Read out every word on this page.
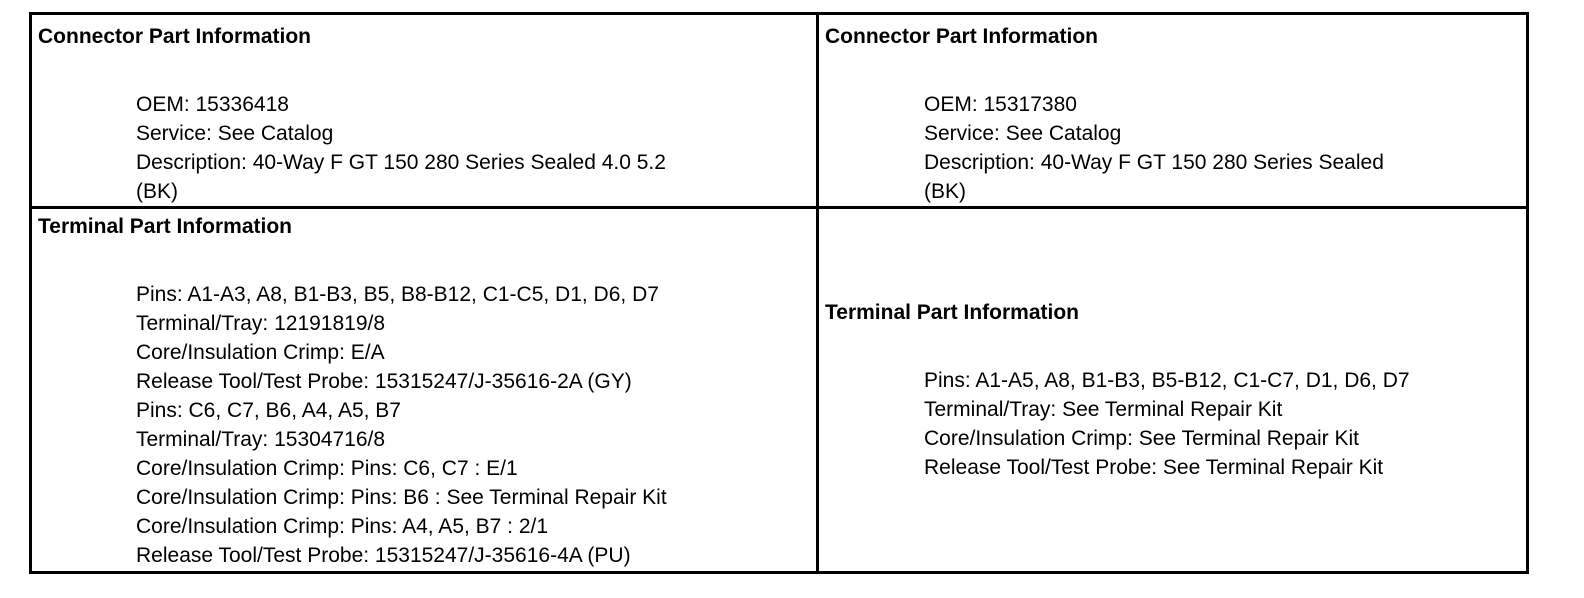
Connector Part Information
OEM: 15336418
Service: See Catalog
Description: 40-Way F GT 150 280 Series Sealed 4.0 5.2
(BK)
Connector Part Information
OEM: 15317380
Service: See Catalog
Description: 40-Way F GT 150 280 Series Sealed
(BK)
Terminal Part Information
Pins: A1-A3, A8, B1-B3, B5, B8-B12, C1-C5, D1, D6, D7
Terminal/Tray: 12191819/8
Core/Insulation Crimp: E/A
Release Tool/Test Probe: 15315247/J-35616-2A (GY)
Pins: C6, C7, B6, A4, A5, B7
Terminal/Tray: 15304716/8
Core/Insulation Crimp: Pins: C6, C7 : E/1
Core/Insulation Crimp: Pins: B6 : See Terminal Repair Kit
Core/Insulation Crimp: Pins: A4, A5, B7 : 2/1
Release Tool/Test Probe: 15315247/J-35616-4A (PU)
Terminal Part Information
Pins: A1-A5, A8, B1-B3, B5-B12, C1-C7, D1, D6, D7
Terminal/Tray: See Terminal Repair Kit
Core/Insulation Crimp: See Terminal Repair Kit
Release Tool/Test Probe: See Terminal Repair Kit
